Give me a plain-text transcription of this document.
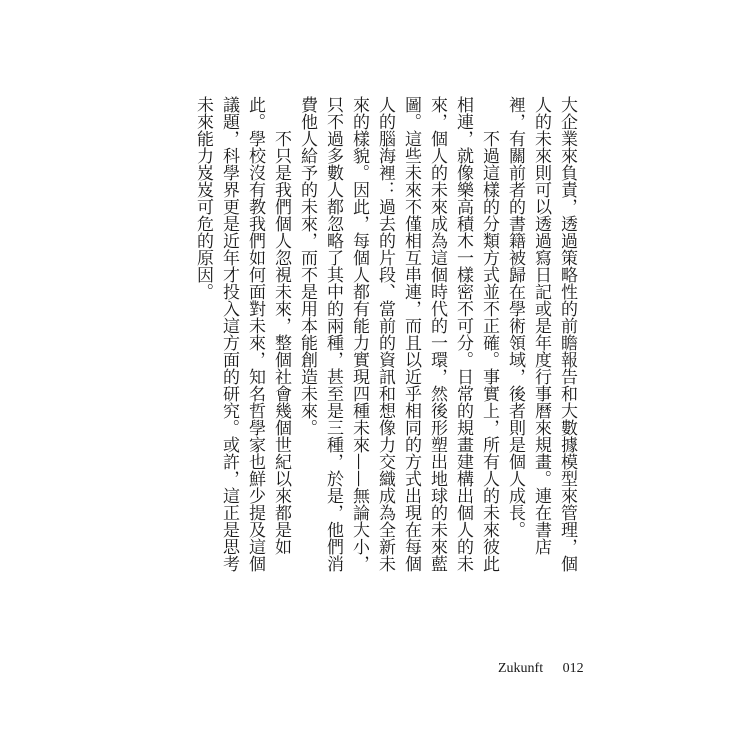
大企業來負責，透過策略性的前瞻報告和大數據模型來管理，個人的未來則可以透過寫日記或是年度行事曆來規畫。連在書店裡，有關前者的書籍被歸在學術領域，後者則是個人成長。

不過這樣的分類方式並不正確。事實上，所有人的未來彼此相連，就像樂高積木一樣密不可分。日常的規畫建構出個人的未來，個人的未來成為這個時代的一環，然後形塑出地球的未來藍圖。這些未來不僅相互串連，而且以近乎相同的方式出現在每個人的腦海裡：過去的片段、當前的資訊和想像力交織成為全新未來的樣貌。因此，每個人都有能力實現四種未來——無論大小，只不過多數人都忽略了其中的兩種，甚至是三種，於是，他們消費他人給予的未來，而不是用本能創造未來。

不只是我們個人忽視未來，整個社會幾個世紀以來都是如此。學校沒有教我們如何面對未來，知名哲學家也鮮少提及這個議題，科學界更是近年才投入這方面的研究。或許，這正是思考未來能力岌岌可危的原因。

Zukunft 012
